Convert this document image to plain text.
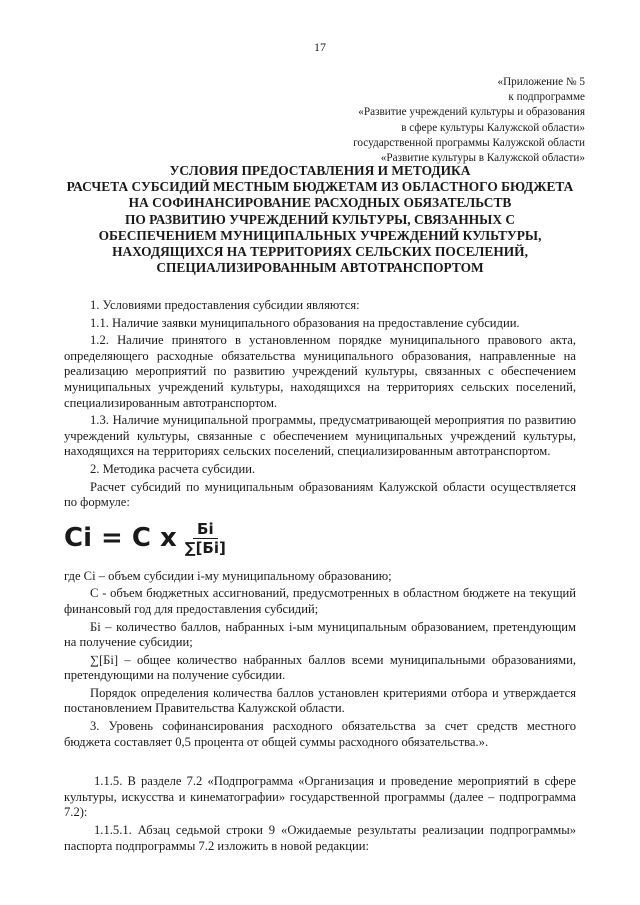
17
«Приложение № 5
к подпрограмме
«Развитие учреждений культуры и образования
в сфере культуры Калужской области»
государственной программы Калужской области
«Развитие культуры в Калужской области»
УСЛОВИЯ ПРЕДОСТАВЛЕНИЯ И МЕТОДИКА
РАСЧЕТА СУБСИДИЙ МЕСТНЫМ БЮДЖЕТАМ ИЗ ОБЛАСТНОГО БЮДЖЕТА
НА СОФИНАНСИРОВАНИЕ РАСХОДНЫХ ОБЯЗАТЕЛЬСТВ
ПО РАЗВИТИЮ УЧРЕЖДЕНИЙ КУЛЬТУРЫ, СВЯЗАННЫХ С
ОБЕСПЕЧЕНИЕМ МУНИЦИПАЛЬНЫХ УЧРЕЖДЕНИЙ КУЛЬТУРЫ,
НАХОДЯЩИХСЯ НА ТЕРРИТОРИЯХ СЕЛЬСКИХ ПОСЕЛЕНИЙ,
СПЕЦИАЛИЗИРОВАННЫМ АВТОТРАНСПОРТОМ

1. Условиями предоставления субсидии являются:

1.1. Наличие заявки муниципального образования на предоставление субсидии.

1.2. Наличие принятого в установленном порядке муниципального правового акта, определяющего расходные обязательства муниципального образования, направленные на реализацию мероприятий по развитию учреждений культуры, связанных с обеспечением муниципальных учреждений культуры, находящихся на территориях сельских поселений, специализированным автотранспортом.

1.3. Наличие муниципальной программы, предусматривающей мероприятия по развитию учреждений культуры, связанные с обеспечением муниципальных учреждений культуры, находящихся на территориях сельских поселений, специализированным автотранспортом.

2. Методика расчета субсидии.

Расчет субсидий по муниципальным образованиям Калужской области осуществляется по формуле:

Сi = С x $\frac{Бi}{\sum[Бi]}$

где Сi – объем субсидии i-му муниципальному образованию;

С - объем бюджетных ассигнований, предусмотренных в областном бюджете на текущий финансовый год для предоставления субсидий;

Бi – количество баллов, набранных i-ым муниципальным образованием, претендующим на получение субсидии;

∑[Бi] – общее количество набранных баллов всеми муниципальными образованиями, претендующими на получение субсидии.

Порядок определения количества баллов установлен критериями отбора и утверждается постановлением Правительства Калужской области.

3. Уровень софинансирования расходного обязательства за счет средств местного бюджета составляет 0,5 процента от общей суммы расходного обязательства.».

1.1.5. В разделе 7.2 «Подпрограмма «Организация и проведение мероприятий в сфере культуры, искусства и кинематографии» государственной программы (далее – подпрограмма 7.2):

1.1.5.1. Абзац седьмой строки 9 «Ожидаемые результаты реализации подпрограммы» паспорта подпрограммы 7.2 изложить в новой редакции:
